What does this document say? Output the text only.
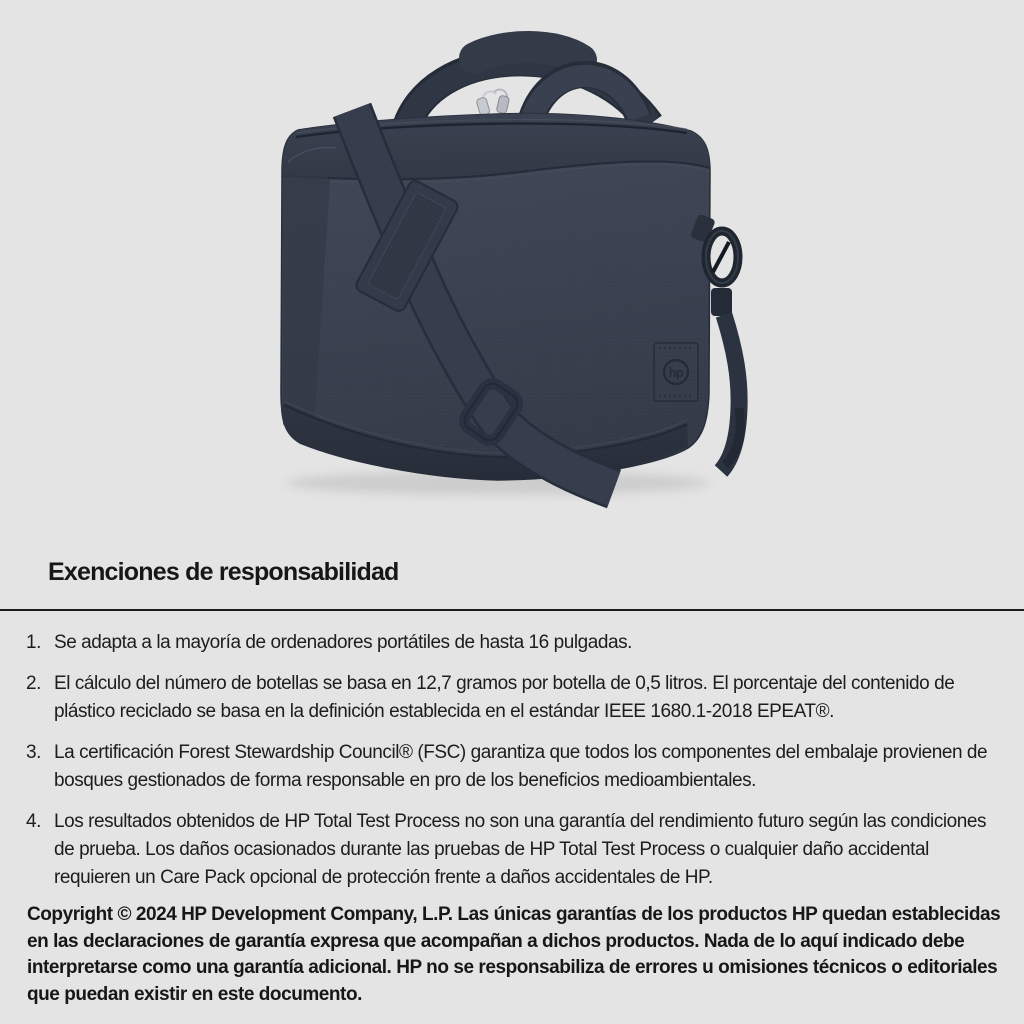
hp
Exenciones de responsabilidad
1. Se adapta a la mayoría de ordenadores portátiles de hasta 16 pulgadas.
2. El cálculo del número de botellas se basa en 12,7 gramos por botella de 0,5 litros. El porcentaje del contenido de plástico reciclado se basa en la definición establecida en el estándar IEEE 1680.1-2018 EPEAT®.
3. La certificación Forest Stewardship Council® (FSC) garantiza que todos los componentes del embalaje provienen de bosques gestionados de forma responsable en pro de los beneficios medioambientales.
4. Los resultados obtenidos de HP Total Test Process no son una garantía del rendimiento futuro según las condiciones de prueba. Los daños ocasionados durante las pruebas de HP Total Test Process o cualquier daño accidental requieren un Care Pack opcional de protección frente a daños accidentales de HP.

Copyright © 2024 HP Development Company, L.P. Las únicas garantías de los productos HP quedan establecidas en las declaraciones de garantía expresa que acompañan a dichos productos. Nada de lo aquí indicado debe interpretarse como una garantía adicional. HP no se responsabiliza de errores u omisiones técnicos o editoriales que puedan existir en este documento.
